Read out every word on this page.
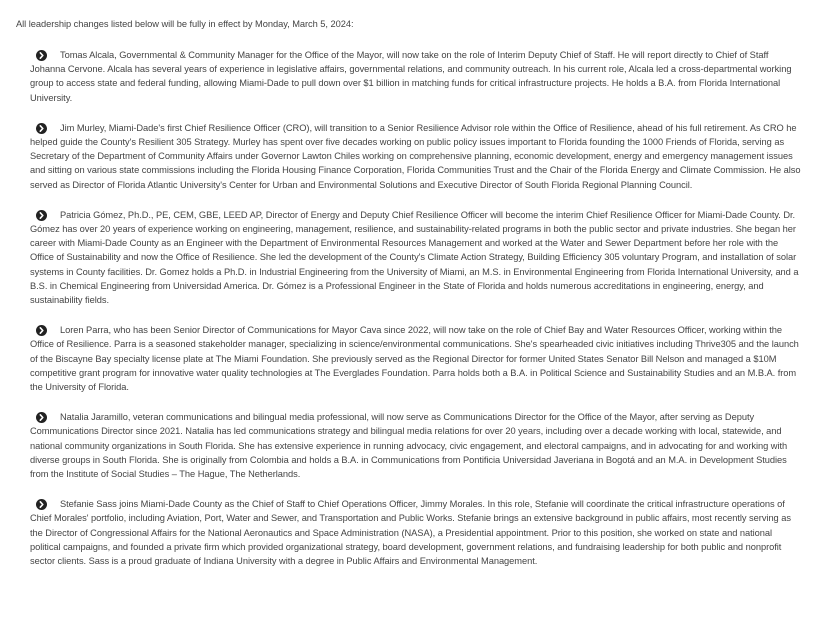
All leadership changes listed below will be fully in effect by Monday, March 5, 2024:

Tomas Alcala, Governmental & Community Manager for the Office of the Mayor, will now take on the role of Interim Deputy Chief of Staff. He will report directly to Chief of Staff Johanna Cervone. Alcala has several years of experience in legislative affairs, governmental relations, and community outreach. In his current role, Alcala led a cross-departmental working group to access state and federal funding, allowing Miami-Dade to pull down over $1 billion in matching funds for critical infrastructure projects. He holds a B.A. from Florida International University.
Jim Murley, Miami-Dade's first Chief Resilience Officer (CRO), will transition to a Senior Resilience Advisor role within the Office of Resilience, ahead of his full retirement. As CRO he helped guide the County's Resilient 305 Strategy. Murley has spent over five decades working on public policy issues important to Florida founding the 1000 Friends of Florida, serving as Secretary of the Department of Community Affairs under Governor Lawton Chiles working on comprehensive planning, economic development, energy and emergency management issues and sitting on various state commissions including the Florida Housing Finance Corporation, Florida Communities Trust and the Chair of the Florida Energy and Climate Commission. He also served as Director of Florida Atlantic University's Center for Urban and Environmental Solutions and Executive Director of South Florida Regional Planning Council.
Patricia Gómez, Ph.D., PE, CEM, GBE, LEED AP, Director of Energy and Deputy Chief Resilience Officer will become the interim Chief Resilience Officer for Miami-Dade County. Dr. Gómez has over 20 years of experience working on engineering, management, resilience, and sustainability-related programs in both the public sector and private industries. She began her career with Miami-Dade County as an Engineer with the Department of Environmental Resources Management and worked at the Water and Sewer Department before her role with the Office of Sustainability and now the Office of Resilience. She led the development of the County's Climate Action Strategy, Building Efficiency 305 voluntary Program, and installation of solar systems in County facilities. Dr. Gomez holds a Ph.D. in Industrial Engineering from the University of Miami, an M.S. in Environmental Engineering from Florida International University, and a B.S. in Chemical Engineering from Universidad America. Dr. Gómez is a Professional Engineer in the State of Florida and holds numerous accreditations in engineering, energy, and sustainability fields.
Loren Parra, who has been Senior Director of Communications for Mayor Cava since 2022, will now take on the role of Chief Bay and Water Resources Officer, working within the Office of Resilience. Parra is a seasoned stakeholder manager, specializing in science/environmental communications. She's spearheaded civic initiatives including Thrive305 and the launch of the Biscayne Bay specialty license plate at The Miami Foundation. She previously served as the Regional Director for former United States Senator Bill Nelson and managed a $10M competitive grant program for innovative water quality technologies at The Everglades Foundation. Parra holds both a B.A. in Political Science and Sustainability Studies and an M.B.A. from the University of Florida.
Natalia Jaramillo, veteran communications and bilingual media professional, will now serve as Communications Director for the Office of the Mayor, after serving as Deputy Communications Director since 2021. Natalia has led communications strategy and bilingual media relations for over 20 years, including over a decade working with local, statewide, and national community organizations in South Florida. She has extensive experience in running advocacy, civic engagement, and electoral campaigns, and in advocating for and working with diverse groups in South Florida. She is originally from Colombia and holds a B.A. in Communications from Pontificia Universidad Javeriana in Bogotá and an M.A. in Development Studies from the Institute of Social Studies – The Hague, The Netherlands.
Stefanie Sass joins Miami-Dade County as the Chief of Staff to Chief Operations Officer, Jimmy Morales. In this role, Stefanie will coordinate the critical infrastructure operations of Chief Morales' portfolio, including Aviation, Port, Water and Sewer, and Transportation and Public Works. Stefanie brings an extensive background in public affairs, most recently serving as the Director of Congressional Affairs for the National Aeronautics and Space Administration (NASA), a Presidential appointment. Prior to this position, she worked on state and national political campaigns, and founded a private firm which provided organizational strategy, board development, government relations, and fundraising leadership for both public and nonprofit sector clients. Sass is a proud graduate of Indiana University with a degree in Public Affairs and Environmental Management.
